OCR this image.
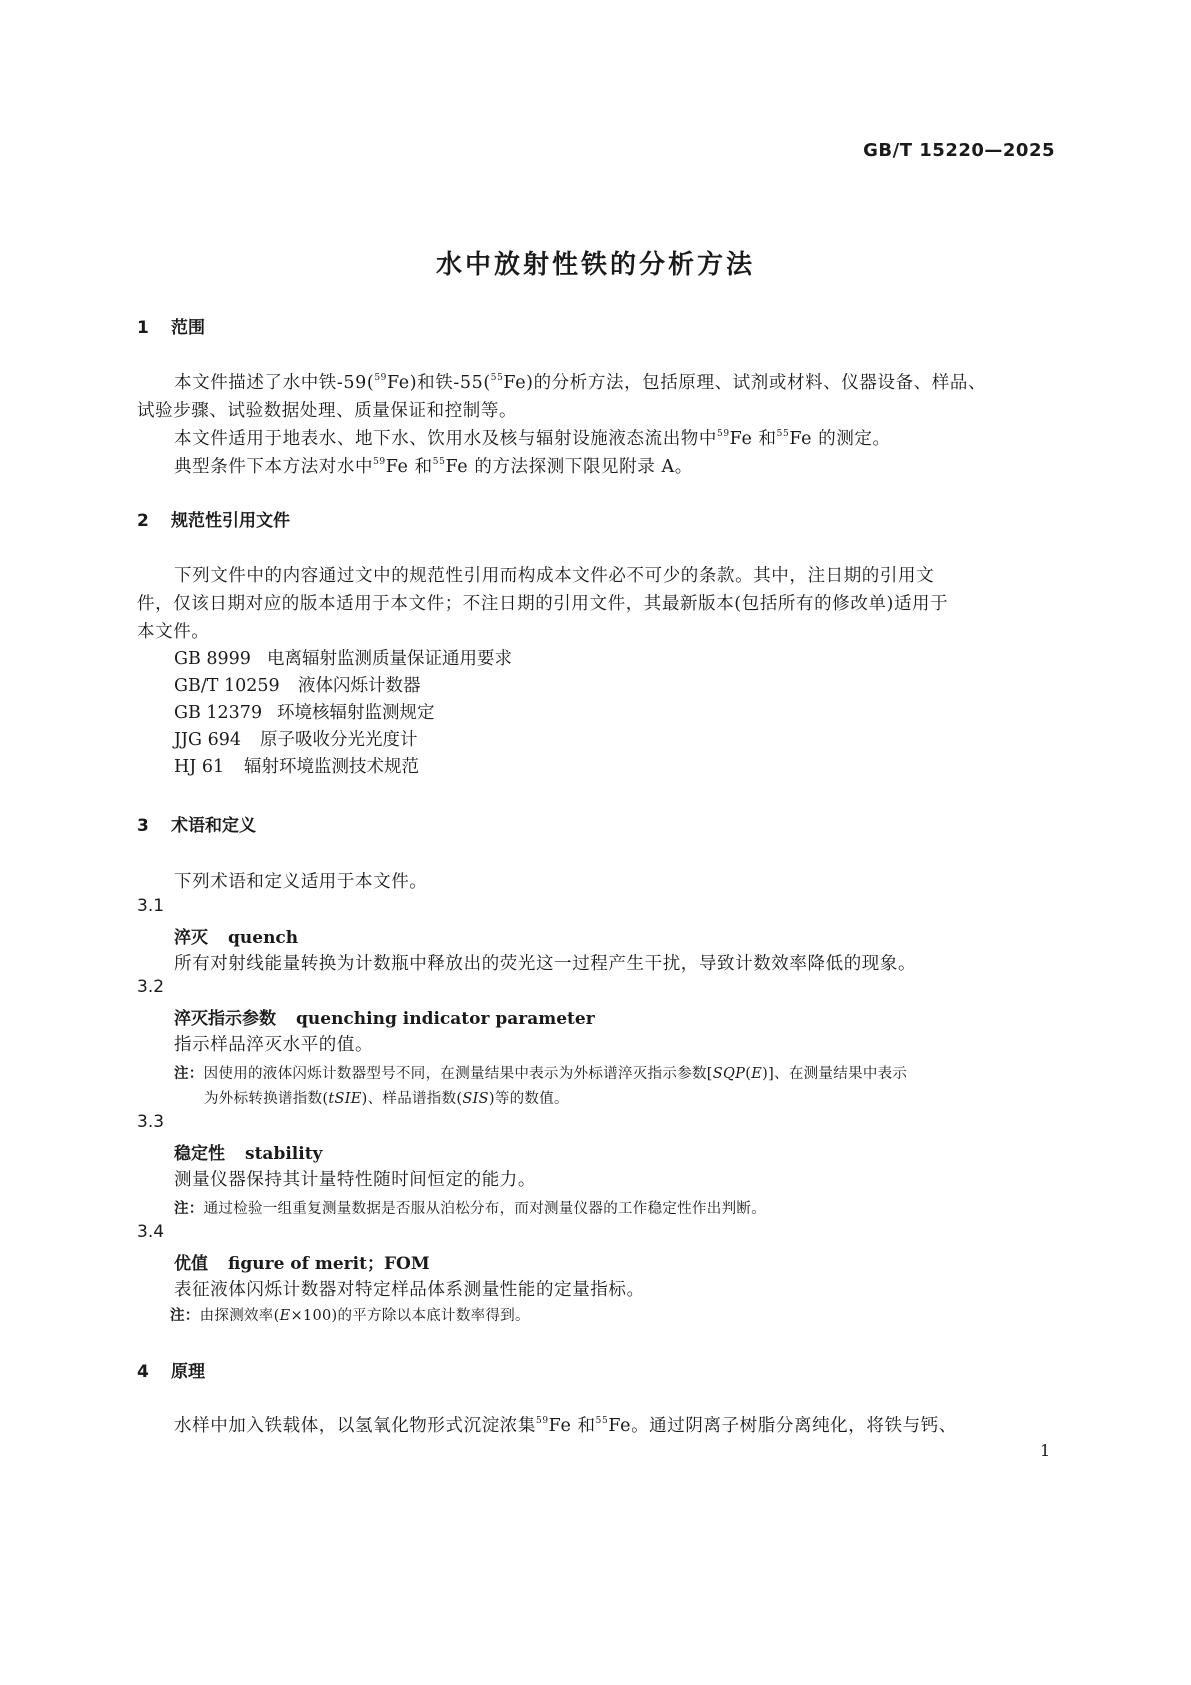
GB/T 15220—2025
水中放射性铁的分析方法
1 范围
本文件描述了水中铁-59($^{59}$Fe)和铁-55($^{55}$Fe)的分析方法，包括原理、试剂或材料、仪器设备、样品、
试验步骤、试验数据处理、质量保证和控制等。
本文件适用于地表水、地下水、饮用水及核与辐射设施液态流出物中$^{59}$Fe 和$^{55}$Fe 的测定。
典型条件下本方法对水中$^{59}$Fe 和$^{55}$Fe 的方法探测下限见附录 A。
2 规范性引用文件
下列文件中的内容通过文中的规范性引用而构成本文件必不可少的条款。其中，注日期的引用文
件，仅该日期对应的版本适用于本文件；不注日期的引用文件，其最新版本(包括所有的修改单)适用于
本文件。
GB 8999 电离辐射监测质量保证通用要求
GB/T 10259 液体闪烁计数器
GB 12379 环境核辐射监测规定
JJG 694 原子吸收分光光度计
HJ 61 辐射环境监测技术规范
3 术语和定义
下列术语和定义适用于本文件。
3.1
淬灭 quench
所有对射线能量转换为计数瓶中释放出的荧光这一过程产生干扰，导致计数效率降低的现象。
3.2
淬灭指示参数 quenching indicator parameter
指示样品淬灭水平的值。
注：因使用的液体闪烁计数器型号不同，在测量结果中表示为外标谱淬灭指示参数[SQP(E)]、在测量结果中表示
为外标转换谱指数(tSIE)、样品谱指数(SIS)等的数值。
3.3
稳定性 stability
测量仪器保持其计量特性随时间恒定的能力。
注：通过检验一组重复测量数据是否服从泊松分布，而对测量仪器的工作稳定性作出判断。
3.4
优值 figure of merit；FOM
表征液体闪烁计数器对特定样品体系测量性能的定量指标。
注：由探测效率(E×100)的平方除以本底计数率得到。
4 原理
水样中加入铁载体，以氢氧化物形式沉淀浓集$^{59}$Fe 和$^{55}$Fe。通过阴离子树脂分离纯化，将铁与钙、
1
